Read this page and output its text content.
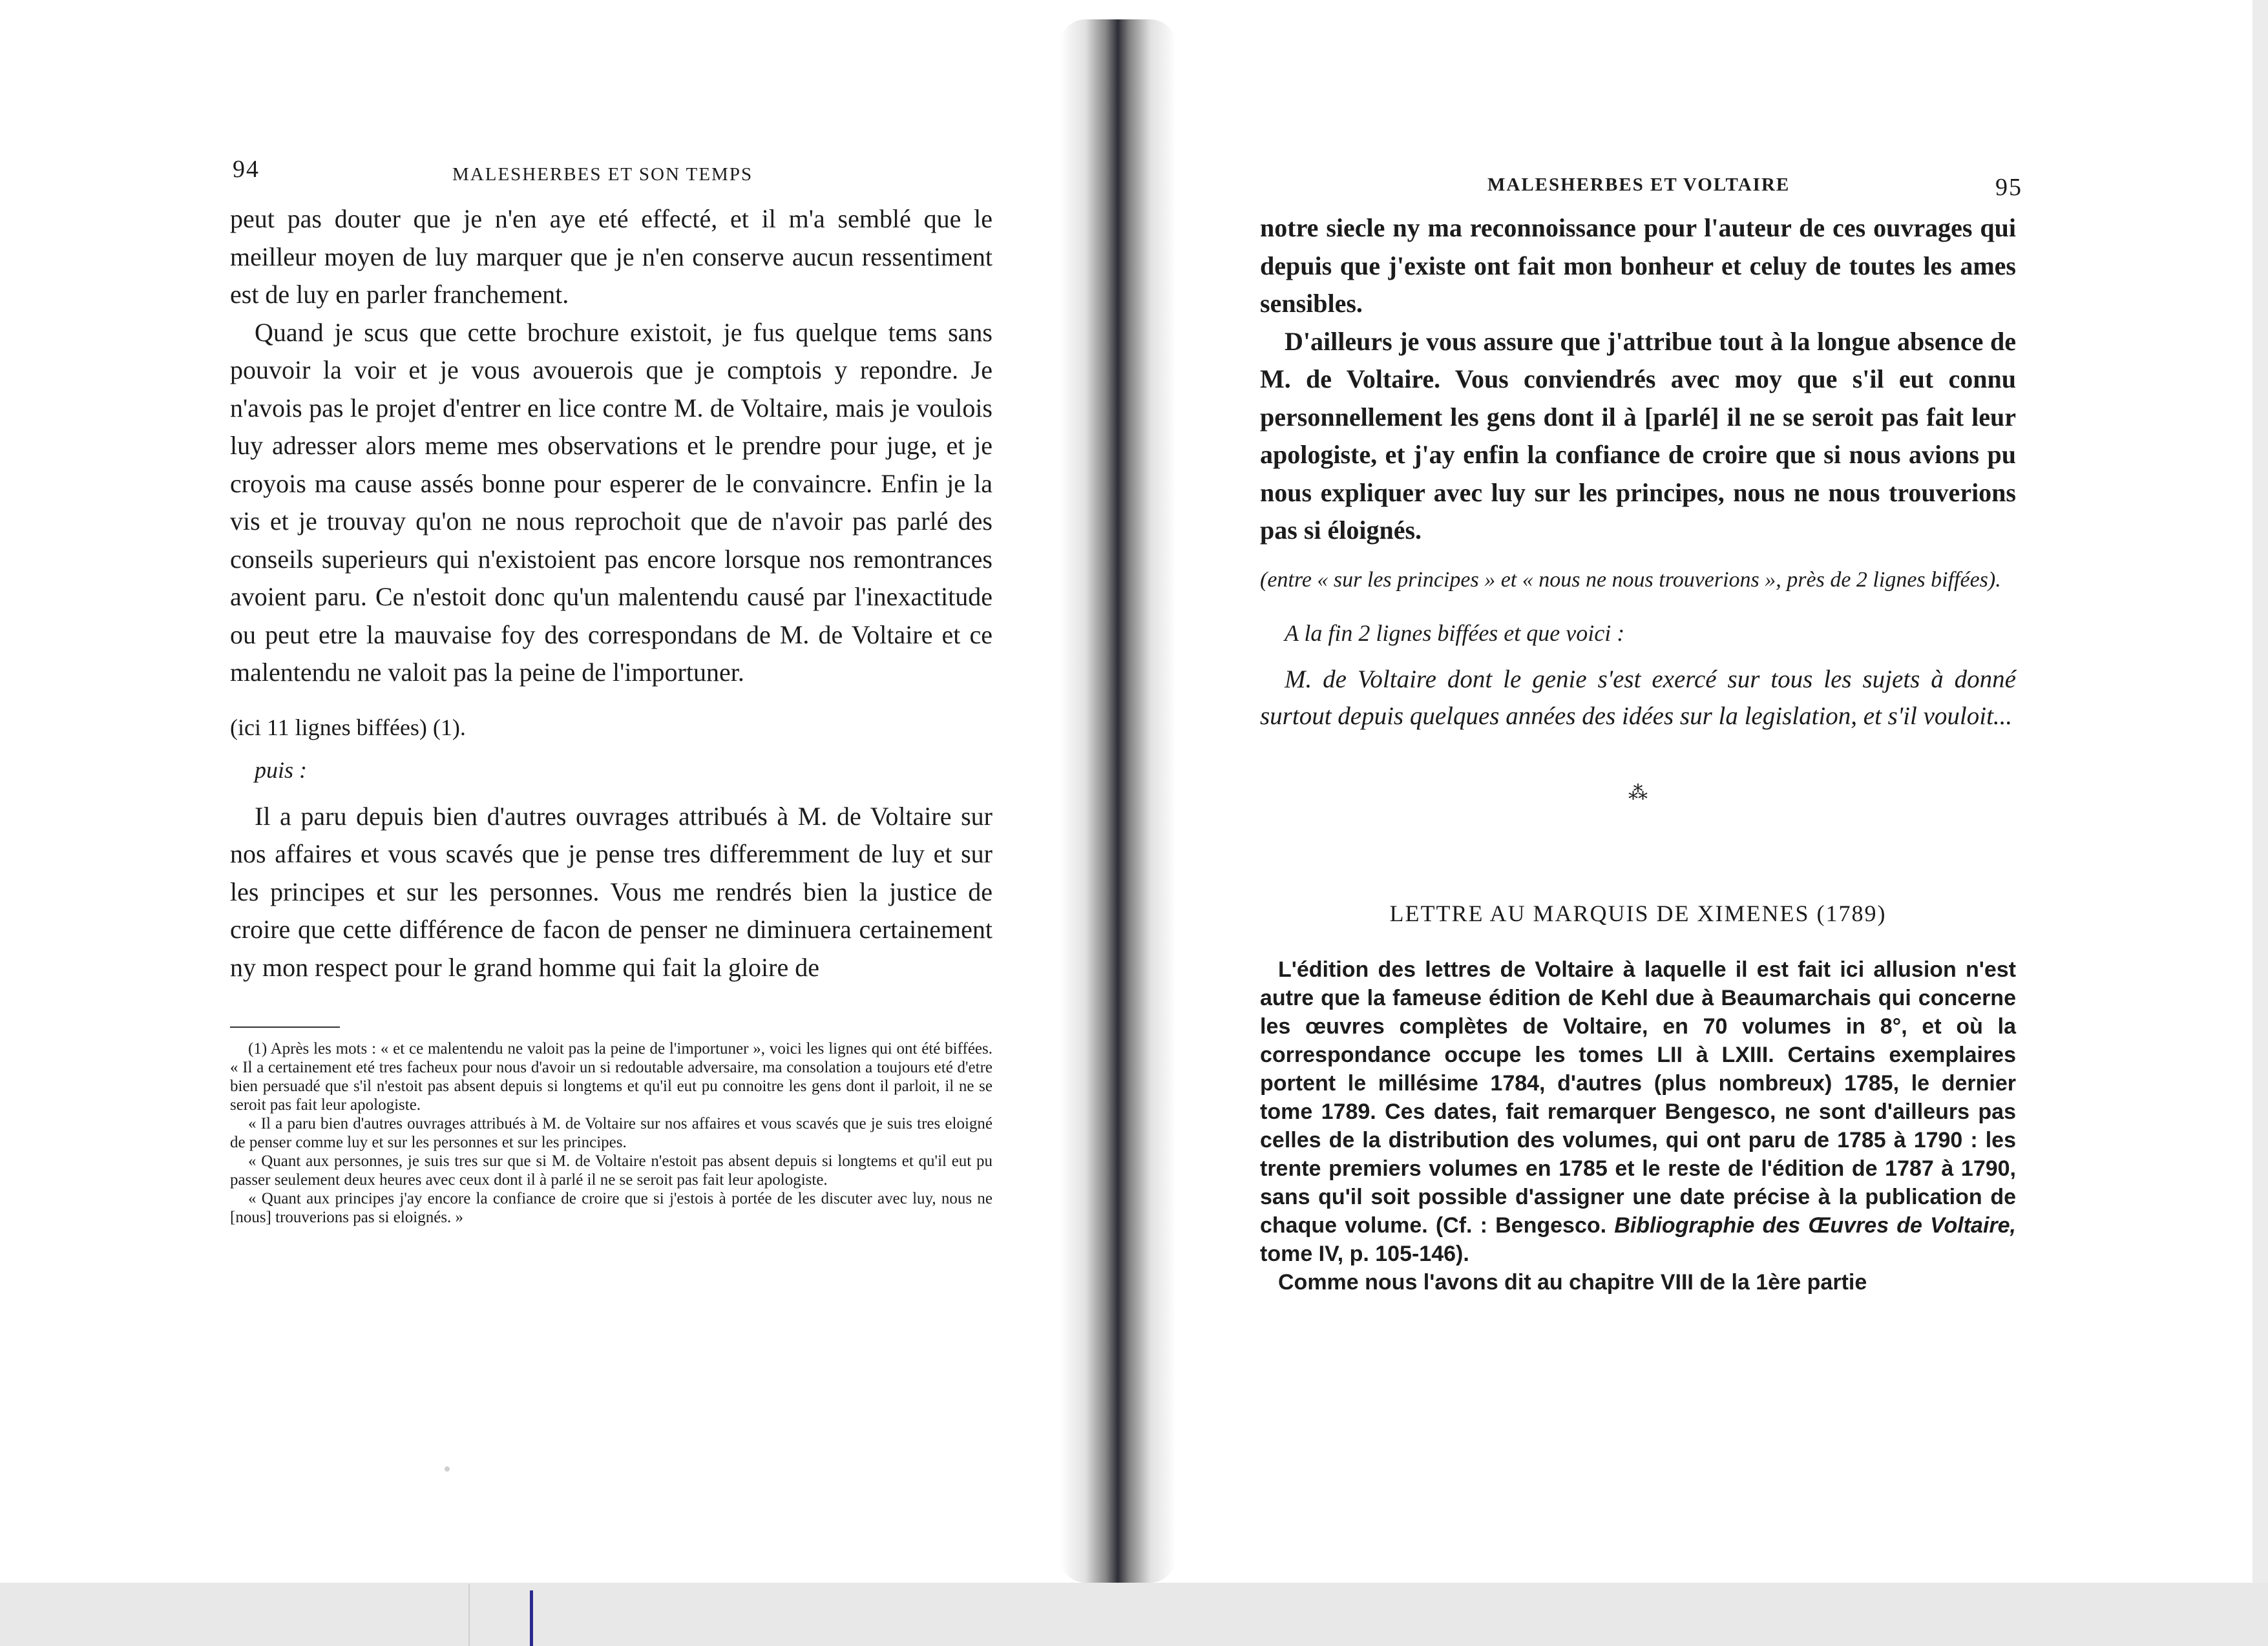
94	MALESHERBES ET SON TEMPS

peut pas douter que je n'en aye eté effecté, et il m'a semblé que le meilleur moyen de luy marquer que je n'en conserve aucun ressentiment est de luy en parler franchement.

Quand je scus que cette brochure existoit, je fus quelque tems sans pouvoir la voir et je vous avouerois que je comptois y repondre. Je n'avois pas le projet d'entrer en lice contre M. de Voltaire, mais je voulois luy adresser alors meme mes observations et le prendre pour juge, et je croyois ma cause assés bonne pour esperer de le convaincre. Enfin je la vis et je trouvay qu'on ne nous reprochoit que de n'avoir pas parlé des conseils superieurs qui n'existoient pas encore lorsque nos remontrances avoient paru. Ce n'estoit donc qu'un malentendu causé par l'inexactitude ou peut etre la mauvaise foy des correspondans de M. de Voltaire et ce malentendu ne valoit pas la peine de l'importuner.

(ici 11 lignes biffées) (1).
puis :

Il a paru depuis bien d'autres ouvrages attribués à M. de Voltaire sur nos affaires et vous scavés que je pense tres differemment de luy et sur les principes et sur les personnes. Vous me rendrés bien la justice de croire que cette différence de facon de penser ne diminuera certainement ny mon respect pour le grand homme qui fait la gloire de

(1) Après les mots : « et ce malentendu ne valoit pas la peine de l'importuner », voici les lignes qui ont été biffées. « Il a certainement eté tres facheux pour nous d'avoir un si redoutable adversaire, ma consolation a toujours eté d'etre bien persuadé que s'il n'estoit pas absent depuis si longtems et qu'il eut pu connoitre les gens dont il parloit, il ne se seroit pas fait leur apologiste.

« Il a paru bien d'autres ouvrages attribués à M. de Voltaire sur nos affaires et vous scavés que je suis tres eloigné de penser comme luy et sur les personnes et sur les principes.

« Quant aux personnes, je suis tres sur que si M. de Voltaire n'estoit pas absent depuis si longtems et qu'il eut pu passer seulement deux heures avec ceux dont il à parlé il ne se seroit pas fait leur apologiste.

« Quant aux principes j'ay encore la confiance de croire que si j'estois à portée de les discuter avec luy, nous ne [nous] trouverions pas si eloignés. »

MALESHERBES ET VOLTAIRE	95

notre siecle ny ma reconnoissance pour l'auteur de ces ouvrages qui depuis que j'existe ont fait mon bonheur et celuy de toutes les ames sensibles.

D'ailleurs je vous assure que j'attribue tout à la longue absence de M. de Voltaire. Vous conviendrés avec moy que s'il eut connu personnellement les gens dont il à [parlé] il ne se seroit pas fait leur apologiste, et j'ay enfin la confiance de croire que si nous avions pu nous expliquer avec luy sur les principes, nous ne nous trouverions pas si éloignés.

(entre « sur les principes » et « nous ne nous trouverions », près de 2 lignes biffées).
A la fin 2 lignes biffées et que voici :
M. de Voltaire dont le genie s'est exercé sur tous les sujets à donné surtout depuis quelques années des idées sur la legislation, et s'il vouloit...
⁂
LETTRE AU MARQUIS DE XIMENES (1789)

L'édition des lettres de Voltaire à laquelle il est fait ici allusion n'est autre que la fameuse édition de Kehl due à Beaumarchais qui concerne les œuvres complètes de Voltaire, en 70 volumes in 8°, et où la correspondance occupe les tomes LII à LXIII. Certains exemplaires portent le millésime 1784, d'autres (plus nombreux) 1785, le dernier tome 1789. Ces dates, fait remarquer Bengesco, ne sont d'ailleurs pas celles de la distribution des volumes, qui ont paru de 1785 à 1790 : les trente premiers volumes en 1785 et le reste de l'édition de 1787 à 1790, sans qu'il soit possible d'assigner une date précise à la publication de chaque volume. (Cf. : Bengesco. Bibliographie des Œuvres de Voltaire, tome IV, p. 105-146).

Comme nous l'avons dit au chapitre VIII de la 1ère partie
